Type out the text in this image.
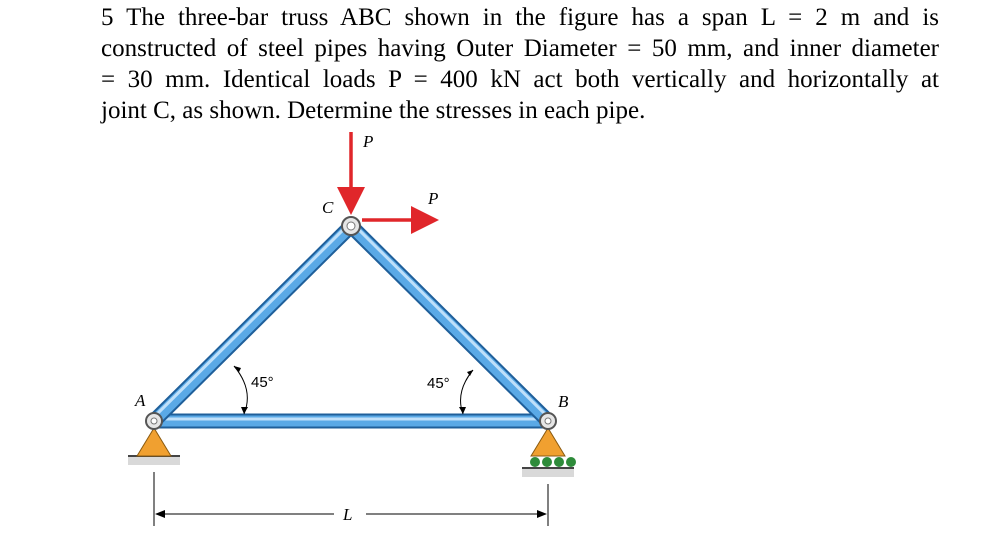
5 The three-bar truss ABC shown in the figure has a span L = 2 m and is
constructed of steel pipes having Outer Diameter = 50 mm, and inner diameter
= 30 mm. Identical loads P = 400 kN act both vertically and horizontally at
joint C, as shown. Determine the stresses in each pipe.
P
P
C
A	B
45°	45°
L
